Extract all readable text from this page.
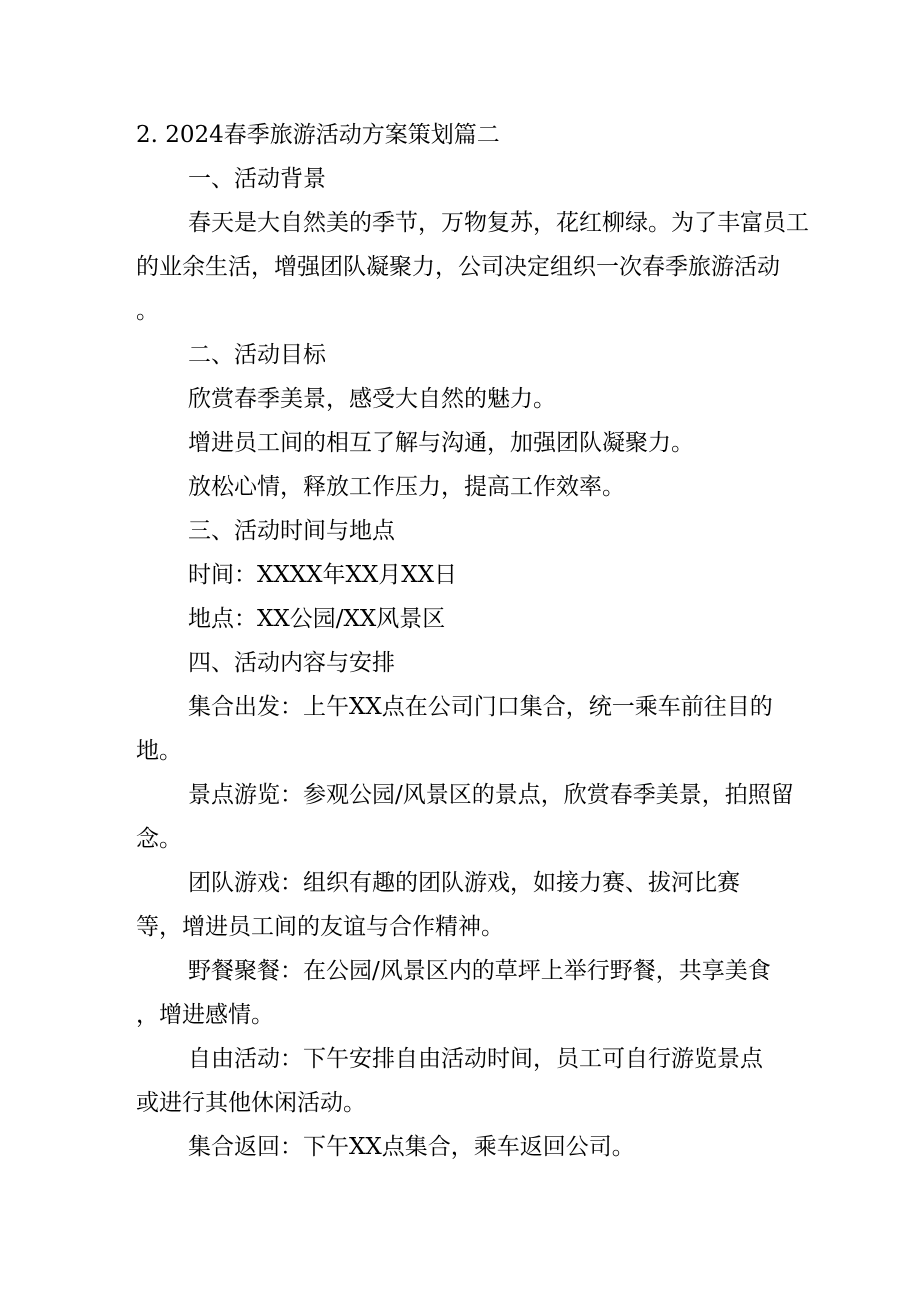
2. 2024春季旅游活动方案策划篇二

一、活动背景

春天是大自然美的季节，万物复苏，花红柳绿。为了丰富员工

的业余生活，增强团队凝聚力，公司决定组织一次春季旅游活动

。

二、活动目标

欣赏春季美景，感受大自然的魅力。

增进员工间的相互了解与沟通，加强团队凝聚力。

放松心情，释放工作压力，提高工作效率。

三、活动时间与地点

时间：XXXX年XX月XX日

地点：XX公园/XX风景区

四、活动内容与安排

集合出发：上午XX点在公司门口集合，统一乘车前往目的

地。

景点游览：参观公园/风景区的景点，欣赏春季美景，拍照留

念。

团队游戏：组织有趣的团队游戏，如接力赛、拔河比赛

等，增进员工间的友谊与合作精神。

野餐聚餐：在公园/风景区内的草坪上举行野餐，共享美食

，增进感情。

自由活动：下午安排自由活动时间，员工可自行游览景点

或进行其他休闲活动。

集合返回：下午XX点集合，乘车返回公司。
